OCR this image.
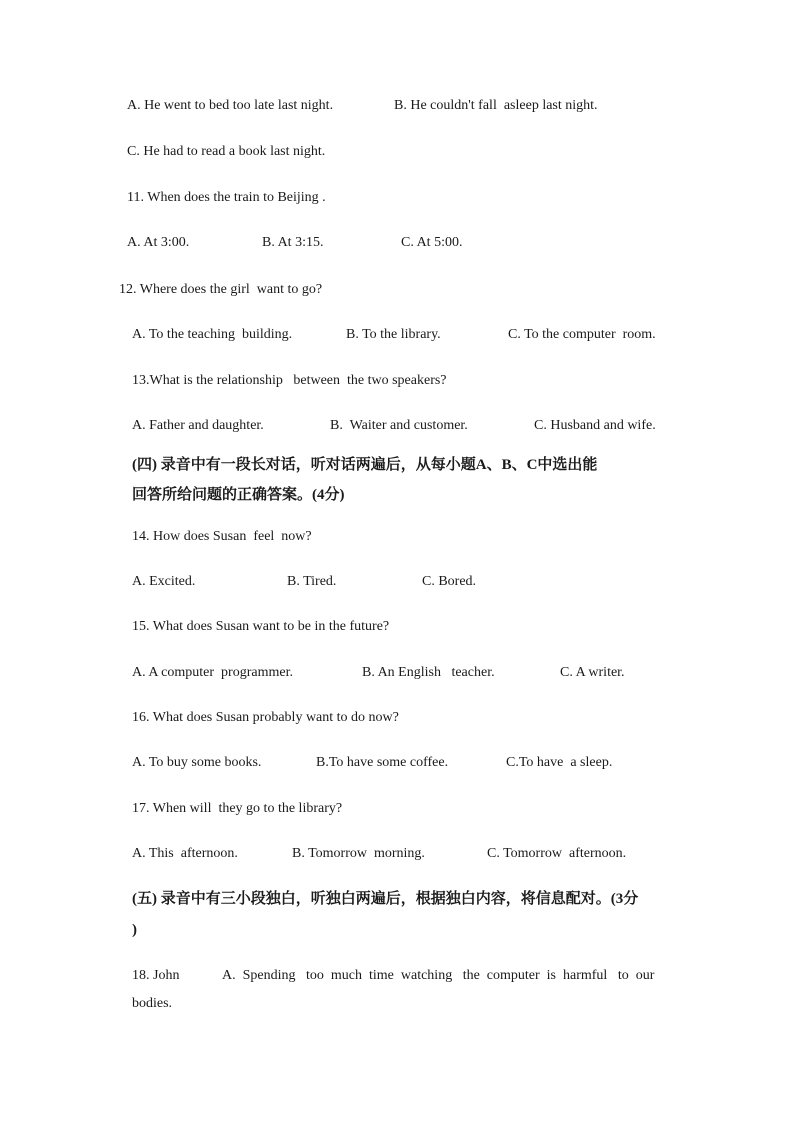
A. He went to bed too late last night.	B. He couldn't fall  asleep last night.
C. He had to read a book last night.
11. When does the train to Beijing .
A. At 3:00.	B. At 3:15.	C. At 5:00.
12. Where does the girl  want to go?
A. To the teaching  building.	B. To the library.	C. To the computer  room.
13.What is the relationship   between  the two speakers?
A. Father and daughter.	B.  Waiter and customer.	C. Husband and wife.
(四) 录音中有一段长对话，听对话两遍后，从每小题A、B、C中选出能
回答所给问题的正确答案。(4分)
14. How does Susan  feel  now?
A. Excited.	B. Tired.	C. Bored.
15. What does Susan want to be in the future?
A. A computer  programmer.	B. An English   teacher.	C. A writer.
16. What does Susan probably want to do now?
A. To buy some books.	B.To have some coffee.	C.To have  a sleep.
17. When will  they go to the library?
A. This  afternoon.	B. Tomorrow  morning.	C. Tomorrow  afternoon.
(五) 录音中有三小段独白，听独白两遍后，根据独白内容，将信息配对。(3分
)
18. John	A.  Spending   too  much  time  watching   the  computer  is  harmful   to  our
bodies.
